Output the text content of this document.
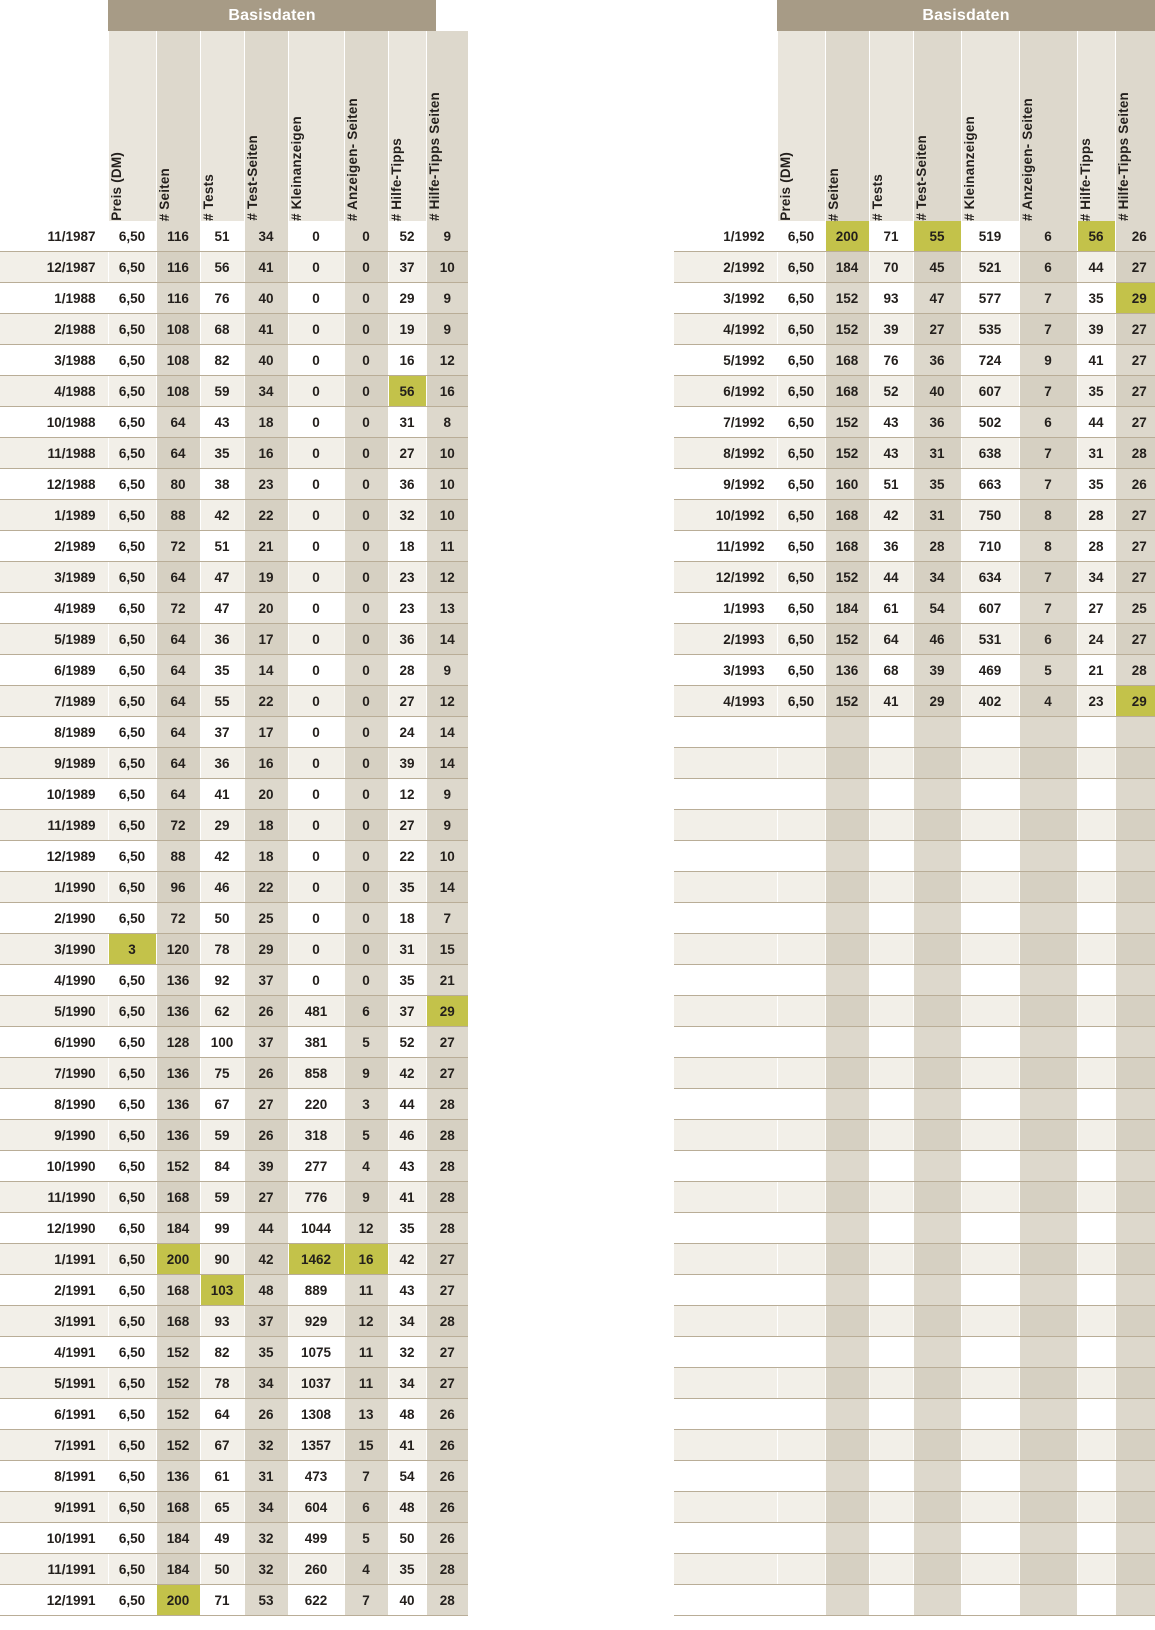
Basisdaten

	Preis (DM)	# Seiten	# Tests	# Test-Seiten	# Kleinanzeigen	# Anzeigen- Seiten	# Hilfe-Tipps	# Hilfe-Tipps Seiten

11/1987	6,50	116	51	34	0	0	52	9
12/1987	6,50	116	56	41	0	0	37	10
1/1988	6,50	116	76	40	0	0	29	9
2/1988	6,50	108	68	41	0	0	19	9
3/1988	6,50	108	82	40	0	0	16	12
4/1988	6,50	108	59	34	0	0	56	16
10/1988	6,50	64	43	18	0	0	31	8
11/1988	6,50	64	35	16	0	0	27	10
12/1988	6,50	80	38	23	0	0	36	10
1/1989	6,50	88	42	22	0	0	32	10
2/1989	6,50	72	51	21	0	0	18	11
3/1989	6,50	64	47	19	0	0	23	12
4/1989	6,50	72	47	20	0	0	23	13
5/1989	6,50	64	36	17	0	0	36	14
6/1989	6,50	64	35	14	0	0	28	9
7/1989	6,50	64	55	22	0	0	27	12
8/1989	6,50	64	37	17	0	0	24	14
9/1989	6,50	64	36	16	0	0	39	14
10/1989	6,50	64	41	20	0	0	12	9
11/1989	6,50	72	29	18	0	0	27	9
12/1989	6,50	88	42	18	0	0	22	10
1/1990	6,50	96	46	22	0	0	35	14
2/1990	6,50	72	50	25	0	0	18	7
3/1990	3	120	78	29	0	0	31	15
4/1990	6,50	136	92	37	0	0	35	21
5/1990	6,50	136	62	26	481	6	37	29
6/1990	6,50	128	100	37	381	5	52	27
7/1990	6,50	136	75	26	858	9	42	27
8/1990	6,50	136	67	27	220	3	44	28
9/1990	6,50	136	59	26	318	5	46	28
10/1990	6,50	152	84	39	277	4	43	28
11/1990	6,50	168	59	27	776	9	41	28
12/1990	6,50	184	99	44	1044	12	35	28
1/1991	6,50	200	90	42	1462	16	42	27
2/1991	6,50	168	103	48	889	11	43	27
3/1991	6,50	168	93	37	929	12	34	28
4/1991	6,50	152	82	35	1075	11	32	27
5/1991	6,50	152	78	34	1037	11	34	27
6/1991	6,50	152	64	26	1308	13	48	26
7/1991	6,50	152	67	32	1357	15	41	26
8/1991	6,50	136	61	31	473	7	54	26
9/1991	6,50	168	65	34	604	6	48	26
10/1991	6,50	184	49	32	499	5	50	26
11/1991	6,50	184	50	32	260	4	35	28
12/1991	6,50	200	71	53	622	7	40	28
Basisdaten

	Preis (DM)	# Seiten	# Tests	# Test-Seiten	# Kleinanzeigen	# Anzeigen- Seiten	# Hilfe-Tipps	# Hilfe-Tipps Seiten

1/1992	6,50	200	71	55	519	6	56	26
2/1992	6,50	184	70	45	521	6	44	27
3/1992	6,50	152	93	47	577	7	35	29
4/1992	6,50	152	39	27	535	7	39	27
5/1992	6,50	168	76	36	724	9	41	27
6/1992	6,50	168	52	40	607	7	35	27
7/1992	6,50	152	43	36	502	6	44	27
8/1992	6,50	152	43	31	638	7	31	28
9/1992	6,50	160	51	35	663	7	35	26
10/1992	6,50	168	42	31	750	8	28	27
11/1992	6,50	168	36	28	710	8	28	27
12/1992	6,50	152	44	34	634	7	34	27
1/1993	6,50	184	61	54	607	7	27	25
2/1993	6,50	152	64	46	531	6	24	27
3/1993	6,50	136	68	39	469	5	21	28
4/1993	6,50	152	41	29	402	4	23	29
